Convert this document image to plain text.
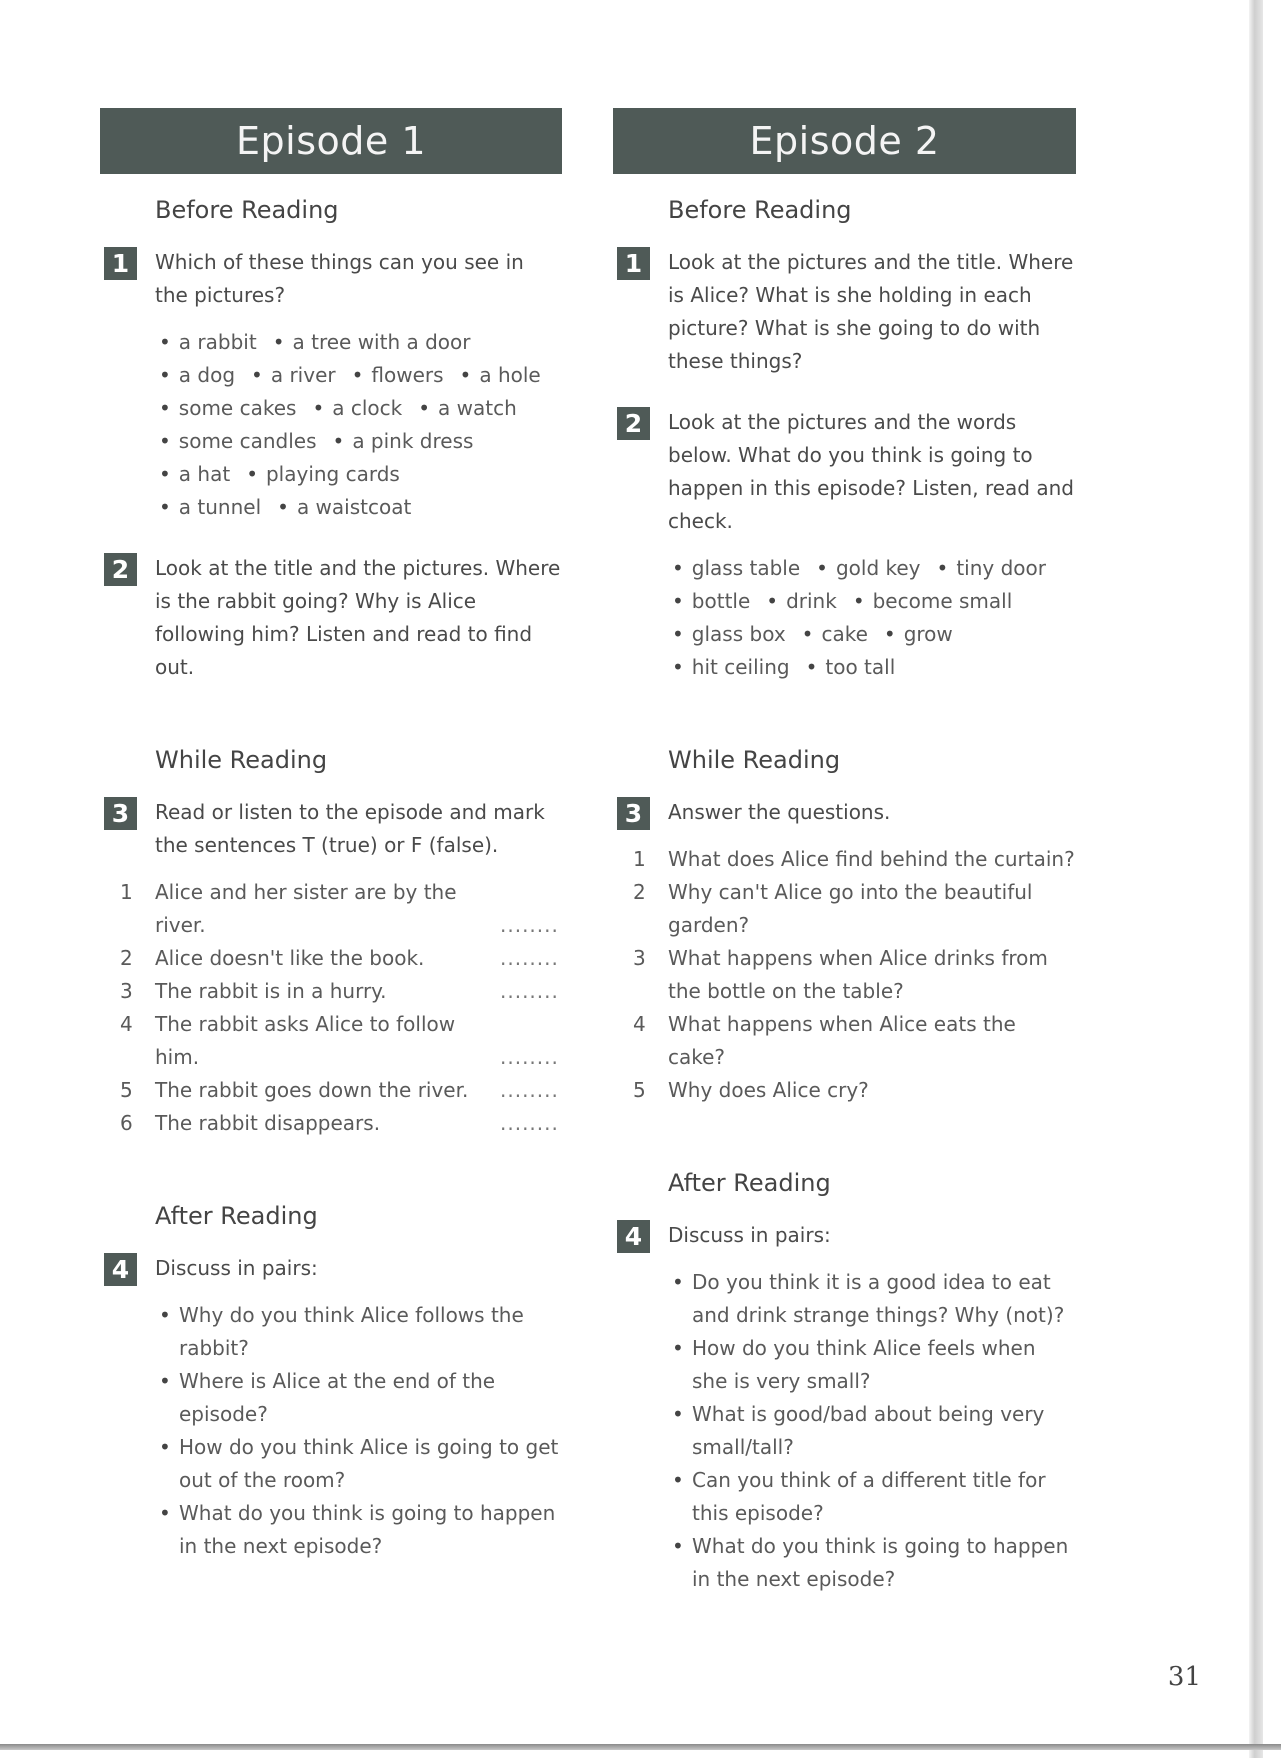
Episode 1
Before Reading
1	Which of these things can you see in the pictures?

• a rabbit • a tree with a door
• a dog • a river • flowers • a hole
• some cakes • a clock • a watch
• some candles • a pink dress
• a hat • playing cards
• a tunnel • a waistcoat
2	Look at the title and the pictures. Where is the rabbit going? Why is Alice following him? Listen and read to find out.

While Reading
3	Read or listen to the episode and mark the sentences T (true) or F (false).

1	Alice and her sister are by the river.	........
2	Alice doesn't like the book.	........
3	The rabbit is in a hurry.	........
4	The rabbit asks Alice to follow him.	........
5	The rabbit goes down the river.	........
6	The rabbit disappears.	........
After Reading
4	Discuss in pairs:

• Why do you think Alice follows the rabbit?
• Where is Alice at the end of the episode?
• How do you think Alice is going to get out of the room?
• What do you think is going to happen in the next episode?
Episode 2
Before Reading
1	Look at the pictures and the title. Where is Alice? What is she holding in each picture? What is she going to do with these things?

2	Look at the pictures and the words below. What do you think is going to happen in this episode? Listen, read and check.

• glass table • gold key • tiny door
• bottle • drink • become small
• glass box • cake • grow
• hit ceiling • too tall
While Reading
3	Answer the questions.

1	What does Alice find behind the curtain?
2	Why can't Alice go into the beautiful garden?
3	What happens when Alice drinks from the bottle on the table?
4	What happens when Alice eats the cake?
5	Why does Alice cry?
After Reading
4	Discuss in pairs:

• Do you think it is a good idea to eat and drink strange things? Why (not)?
• How do you think Alice feels when she is very small?
• What is good/bad about being very small/tall?
• Can you think of a different title for this episode?
• What do you think is going to happen in the next episode?
31
